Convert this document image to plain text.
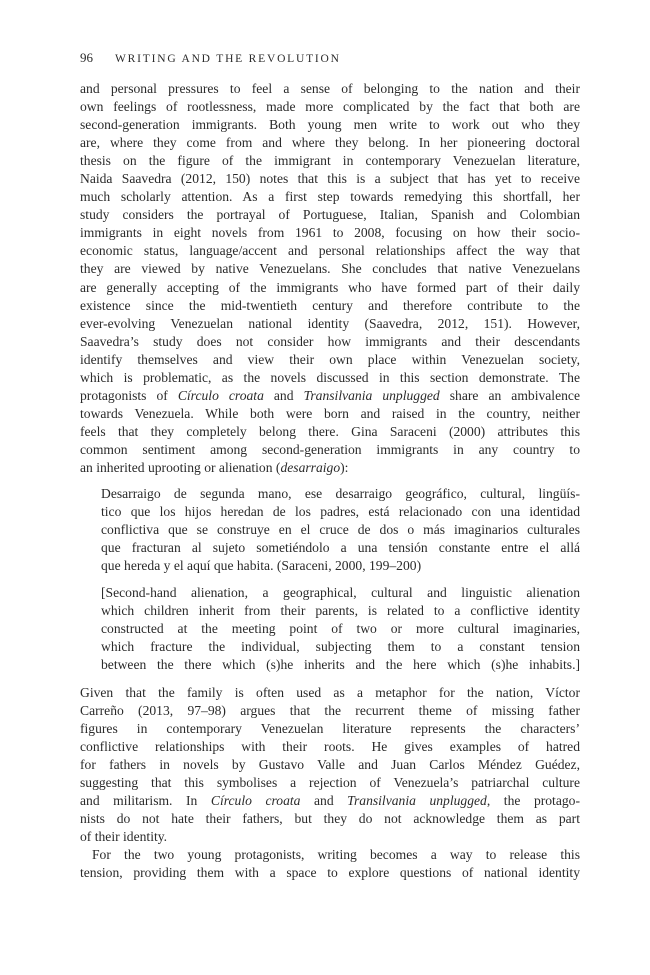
96 WRITING AND THE REVOLUTION
and personal pressures to feel a sense of belonging to the nation and their
own feelings of rootlessness, made more complicated by the fact that both are
second-generation immigrants. Both young men write to work out who they
are, where they come from and where they belong. In her pioneering doctoral
thesis on the figure of the immigrant in contemporary Venezuelan literature,
Naida Saavedra (2012, 150) notes that this is a subject that has yet to receive
much scholarly attention. As a first step towards remedying this shortfall, her
study considers the portrayal of Portuguese, Italian, Spanish and Colombian
immigrants in eight novels from 1961 to 2008, focusing on how their socio-
economic status, language/accent and personal relationships affect the way that
they are viewed by native Venezuelans. She concludes that native Venezuelans
are generally accepting of the immigrants who have formed part of their daily
existence since the mid-twentieth century and therefore contribute to the
ever-evolving Venezuelan national identity (Saavedra, 2012, 151). However,
Saavedra’s study does not consider how immigrants and their descendants
identify themselves and view their own place within Venezuelan society,
which is problematic, as the novels discussed in this section demonstrate. The
protagonists of Círculo croata and Transilvania unplugged share an ambivalence
towards Venezuela. While both were born and raised in the country, neither
feels that they completely belong there. Gina Saraceni (2000) attributes this
common sentiment among second-generation immigrants in any country to
an inherited uprooting or alienation (desarraigo):
Desarraigo de segunda mano, ese desarraigo geográfico, cultural, lingüís-
tico que los hijos heredan de los padres, está relacionado con una identidad
conflictiva que se construye en el cruce de dos o más imaginarios culturales
que fracturan al sujeto sometiéndolo a una tensión constante entre el allá
que hereda y el aquí que habita. (Saraceni, 2000, 199–200)
[Second-hand alienation, a geographical, cultural and linguistic alienation
which children inherit from their parents, is related to a conflictive identity
constructed at the meeting point of two or more cultural imaginaries,
which fracture the individual, subjecting them to a constant tension
between the there which (s)he inherits and the here which (s)he inhabits.]
Given that the family is often used as a metaphor for the nation, Víctor
Carreño (2013, 97–98) argues that the recurrent theme of missing father
figures in contemporary Venezuelan literature represents the characters’
conflictive relationships with their roots. He gives examples of hatred
for fathers in novels by Gustavo Valle and Juan Carlos Méndez Guédez,
suggesting that this symbolises a rejection of Venezuela’s patriarchal culture
and militarism. In Círculo croata and Transilvania unplugged, the protago-
nists do not hate their fathers, but they do not acknowledge them as part
of their identity.
For the two young protagonists, writing becomes a way to release this
tension, providing them with a space to explore questions of national identity
